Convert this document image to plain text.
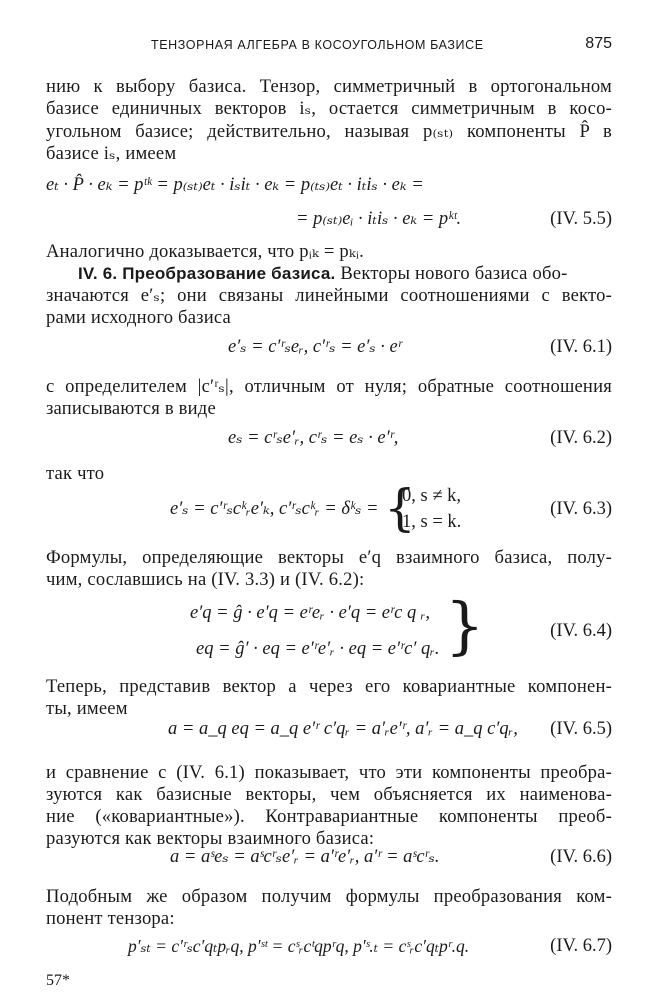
ТЕНЗОРНАЯ АЛГЕБРА В КОСОУГОЛЬНОМ БАЗИСЕ	875
нию к выбору базиса. Тензор, симметричный в ортогональном
базисе единичных векторов iₛ, остается симметричным в косо-
угольном базисе; действительно, называя p₍ₛₜ₎ компоненты P̂ в
базисе iₛ, имеем
eₜ · P̂ · eₖ = pᵗᵏ = p₍ₛₜ₎eₜ · iₛiₜ · eₖ = p₍ₜₛ₎eₜ · iₜiₛ · eₖ =
= p₍ₛₜ₎eᵢ · iₜiₛ · eₖ = pᵏᵗ.	(IV. 5.5)
Аналогично доказывается, что pᵢₖ = pₖᵢ.
IV. 6. Преобразование базиса. Векторы нового базиса обо-
значаются e′ₛ; они связаны линейными соотношениями с векто-
рами исходного базиса
e′ₛ = c′ʳₛeᵣ, c′ʳₛ = e′ₛ · eʳ	(IV. 6.1)
с определителем |c′ʳₛ|, отличным от нуля; обратные соотношения
записываются в виде
eₛ = cʳₛe′ᵣ, cʳₛ = eₛ · e′ʳ,	(IV. 6.2)
так что
e′ₛ = c′ʳₛcᵏᵣe′ₖ, c′ʳₛcᵏᵣ = δᵏₛ = {
0, s ≠ k,
1, s = k.
(IV. 6.3)
Формулы, определяющие векторы e′q взаимного базиса, полу-
чим, сославшись на (IV. 3.3) и (IV. 6.2):
e′q = ĝ · e′q = eʳeᵣ · e′q = eʳc q ᵣ,
eq = ĝ′ · eq = e′ʳe′ᵣ · eq = e′ʳc′ qᵣ. }	(IV. 6.4)
Теперь, представив вектор a через его ковариантные компонен-
ты, имеем
a = a_q eq = a_q e′ʳ c′qᵣ = a′ᵣe′ʳ, a′ᵣ = a_q c′qᵣ, (IV. 6.5)
и сравнение с (IV. 6.1) показывает, что эти компоненты преобра-
зуются как базисные векторы, чем объясняется их наименова-
ние («ковариантные»). Контравариантные компоненты преоб-
разуются как векторы взаимного базиса:
a = aˢeₛ = aˢcʳₛe′ᵣ = a′ʳe′ᵣ, a′ʳ = aˢcʳₛ.	(IV. 6.6)
Подобным же образом получим формулы преобразования ком-
понент тензора:
p′ₛₜ = c′ʳₛc′qₜpᵣq, p′ˢᵗ = cˢᵣcᵗqpʳq, p′ˢ.ₜ = cˢᵣc′qₜpʳ.q.	(IV. 6.7)
57*
